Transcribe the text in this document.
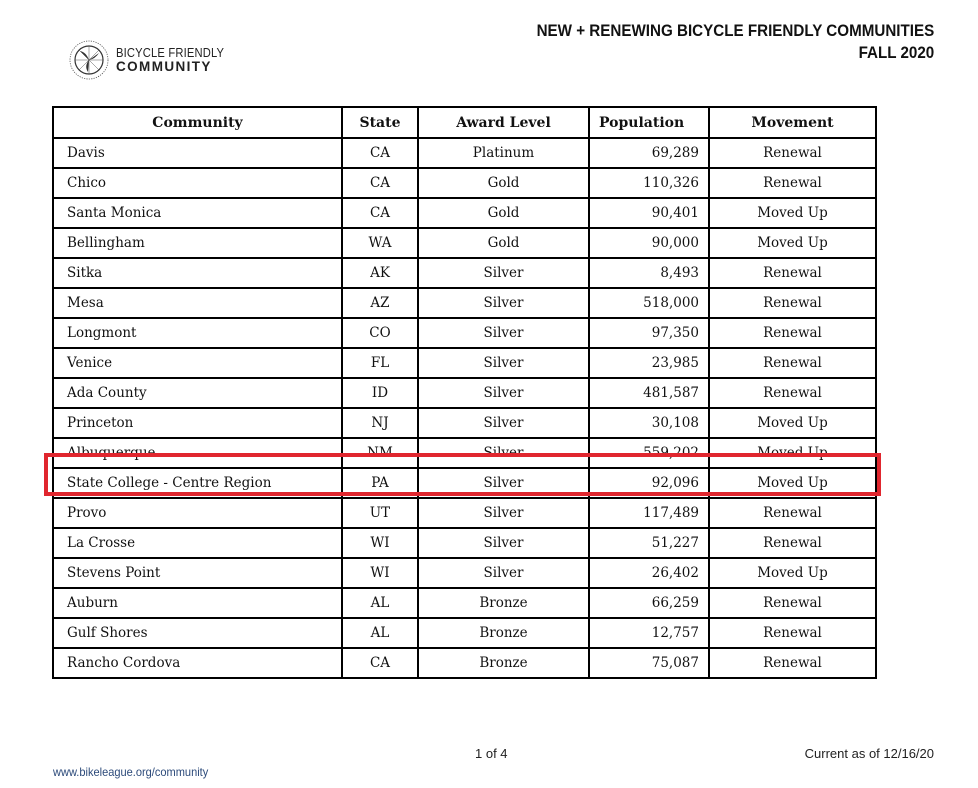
BICYCLE FRIENDLY
COMMUNITY
NEW + RENEWING BICYCLE FRIENDLY COMMUNITIES
FALL 2020
Community	State	Award Level	Population	Movement
Davis	CA	Platinum	69,289	Renewal
Chico	CA	Gold	110,326	Renewal
Santa Monica	CA	Gold	90,401	Moved Up
Bellingham	WA	Gold	90,000	Moved Up
Sitka	AK	Silver	8,493	Renewal
Mesa	AZ	Silver	518,000	Renewal
Longmont	CO	Silver	97,350	Renewal
Venice	FL	Silver	23,985	Renewal
Ada County	ID	Silver	481,587	Renewal
Princeton	NJ	Silver	30,108	Moved Up
Albuquerque	NM	Silver	559,202	Moved Up
State College - Centre Region	PA	Silver	92,096	Moved Up
Provo	UT	Silver	117,489	Renewal
La Crosse	WI	Silver	51,227	Renewal
Stevens Point	WI	Silver	26,402	Moved Up
Auburn	AL	Bronze	66,259	Renewal
Gulf Shores	AL	Bronze	12,757	Renewal
Rancho Cordova	CA	Bronze	75,087	Renewal
1 of 4
www.bikeleague.org/community
Current as of 12/16/20
